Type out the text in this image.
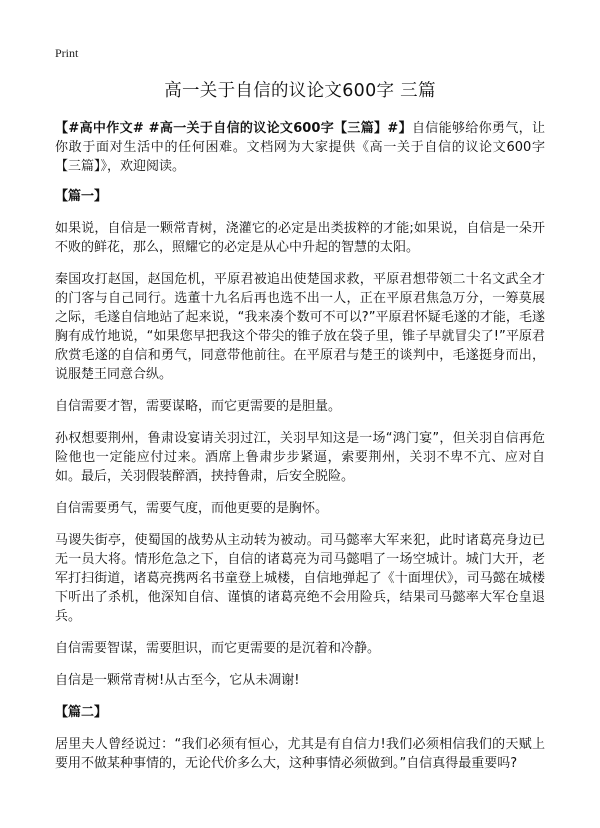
Print
高一关于自信的议论文600字 三篇

【#高中作文# #高一关于自信的议论文600字【三篇】#】自信能够给你勇气，让你敢于面对生活中的任何困难。文档网为大家提供《高一关于自信的议论文600字【三篇】》，欢迎阅读。

【篇一】

如果说，自信是一颗常青树，浇灌它的必定是出类拔粹的才能;如果说，自信是一朵开不败的鲜花，那么，照耀它的必定是从心中升起的智慧的太阳。

秦国攻打赵国，赵国危机，平原君被追出使楚国求救，平原君想带领二十名文武全才的门客与自己同行。选董十九名后再也选不出一人，正在平原君焦急万分，一筹莫展之际，毛遂自信地站了起来说，“我来凑个数可不可以?”平原君怀疑毛遂的才能，毛遂胸有成竹地说，“如果您早把我这个带尖的锥子放在袋子里，锥子早就冒尖了!”平原君欣赏毛遂的自信和勇气，同意带他前往。在平原君与楚王的谈判中，毛遂挺身而出，说服楚王同意合纵。

自信需要才智，需要谋略，而它更需要的是胆量。

孙权想要荆州，鲁肃设宴请关羽过江，关羽早知这是一场“鸿门宴”，但关羽自信再危险他也一定能应付过来。酒席上鲁肃步步紧逼，索要荆州，关羽不卑不亢、应对自如。最后，关羽假装醉酒，挟持鲁肃，后安全脱险。

自信需要勇气，需要气度，而他更要的是胸怀。

马谡失街亭，使蜀国的战势从主动转为被动。司马懿率大军来犯，此时诸葛亮身边已无一员大将。情形危急之下，自信的诸葛亮为司马懿唱了一场空城计。城门大开，老军打扫街道，诸葛亮携两名书童登上城楼，自信地弹起了《十面埋伏》，司马懿在城楼下听出了杀机，他深知自信、谨慎的诸葛亮绝不会用险兵，结果司马懿率大军仓皇退兵。

自信需要智谋，需要胆识，而它更需要的是沉着和冷静。

自信是一颗常青树!从古至今，它从未凋谢!

【篇二】

居里夫人曾经说过：“我们必须有恒心，尤其是有自信力!我们必须相信我们的天赋上要用不做某种事情的，无论代价多么大，这种事情必须做到。”自信真得最重要吗?
